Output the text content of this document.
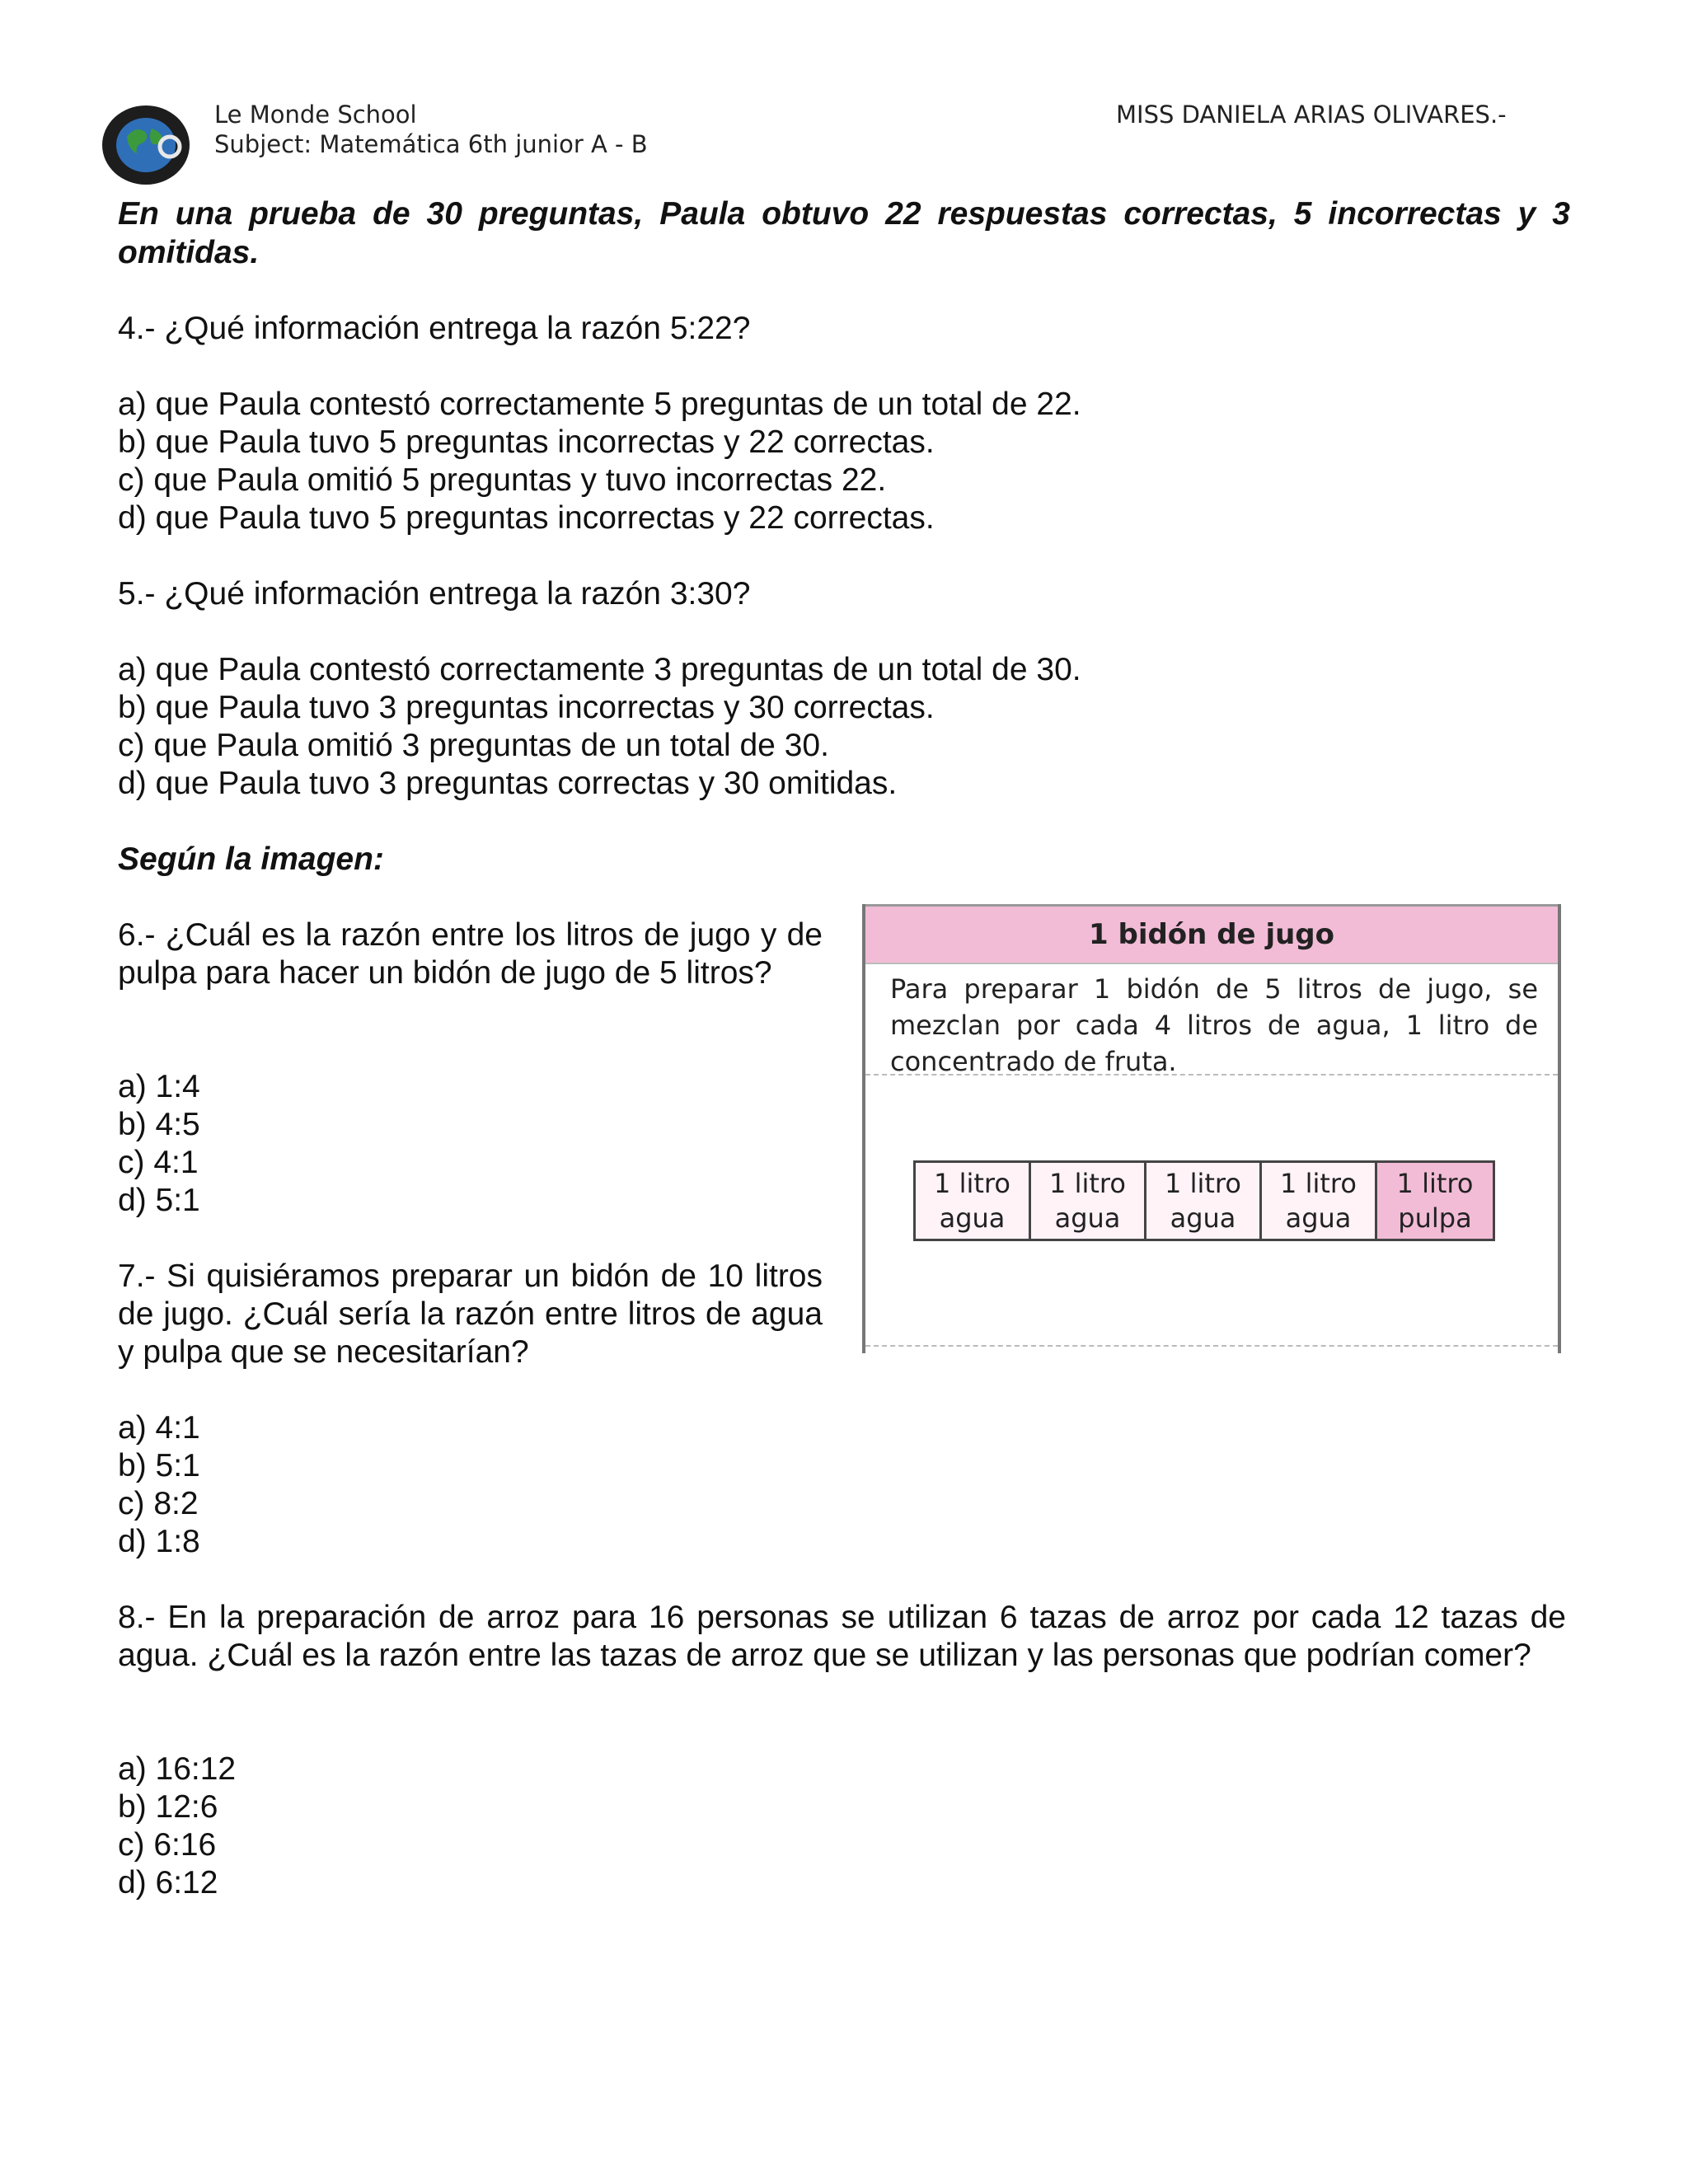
Le Monde School
Subject: Matemática 6th junior A - B
MISS DANIELA ARIAS OLIVARES.-
En una prueba de 30 preguntas, Paula obtuvo 22 respuestas correctas, 5 incorrectas y 3 omitidas.
4.- ¿Qué información entrega la razón 5:22?
a) que Paula contestó correctamente 5 preguntas de un total de 22.
b) que Paula tuvo 5 preguntas incorrectas y 22 correctas.
c) que Paula omitió 5 preguntas y tuvo incorrectas 22.
d) que Paula tuvo 5 preguntas incorrectas y 22 correctas.
5.- ¿Qué información entrega la razón 3:30?
a) que Paula contestó correctamente 3 preguntas de un total de 30.
b) que Paula tuvo 3 preguntas incorrectas y 30 correctas.
c) que Paula omitió 3 preguntas de un total de 30.
d) que Paula tuvo 3 preguntas correctas y 30 omitidas.
Según la imagen:
6.- ¿Cuál es la razón entre los litros de jugo y de pulpa para hacer un bidón de jugo de 5 litros?
a) 1:4
b) 4:5
c) 4:1
d) 5:1
7.- Si quisiéramos preparar un bidón de 10 litros de jugo. ¿Cuál sería la razón entre litros de agua y pulpa que se necesitarían?
a) 4:1
b) 5:1
c) 8:2
d) 1:8
8.- En la preparación de arroz para 16 personas se utilizan 6 tazas de arroz por cada 12 tazas de agua. ¿Cuál es la razón entre las tazas de arroz que se utilizan y las personas que podrían comer?
a) 16:12
b) 12:6
c) 6:16
d) 6:12
1 bidón de jugo
Para preparar 1 bidón de 5 litros de jugo, se mezclan por cada 4 litros de agua, 1 litro de concentrado de fruta.
1 litro
agua
1 litro
agua
1 litro
agua
1 litro
agua
1 litro
pulpa
